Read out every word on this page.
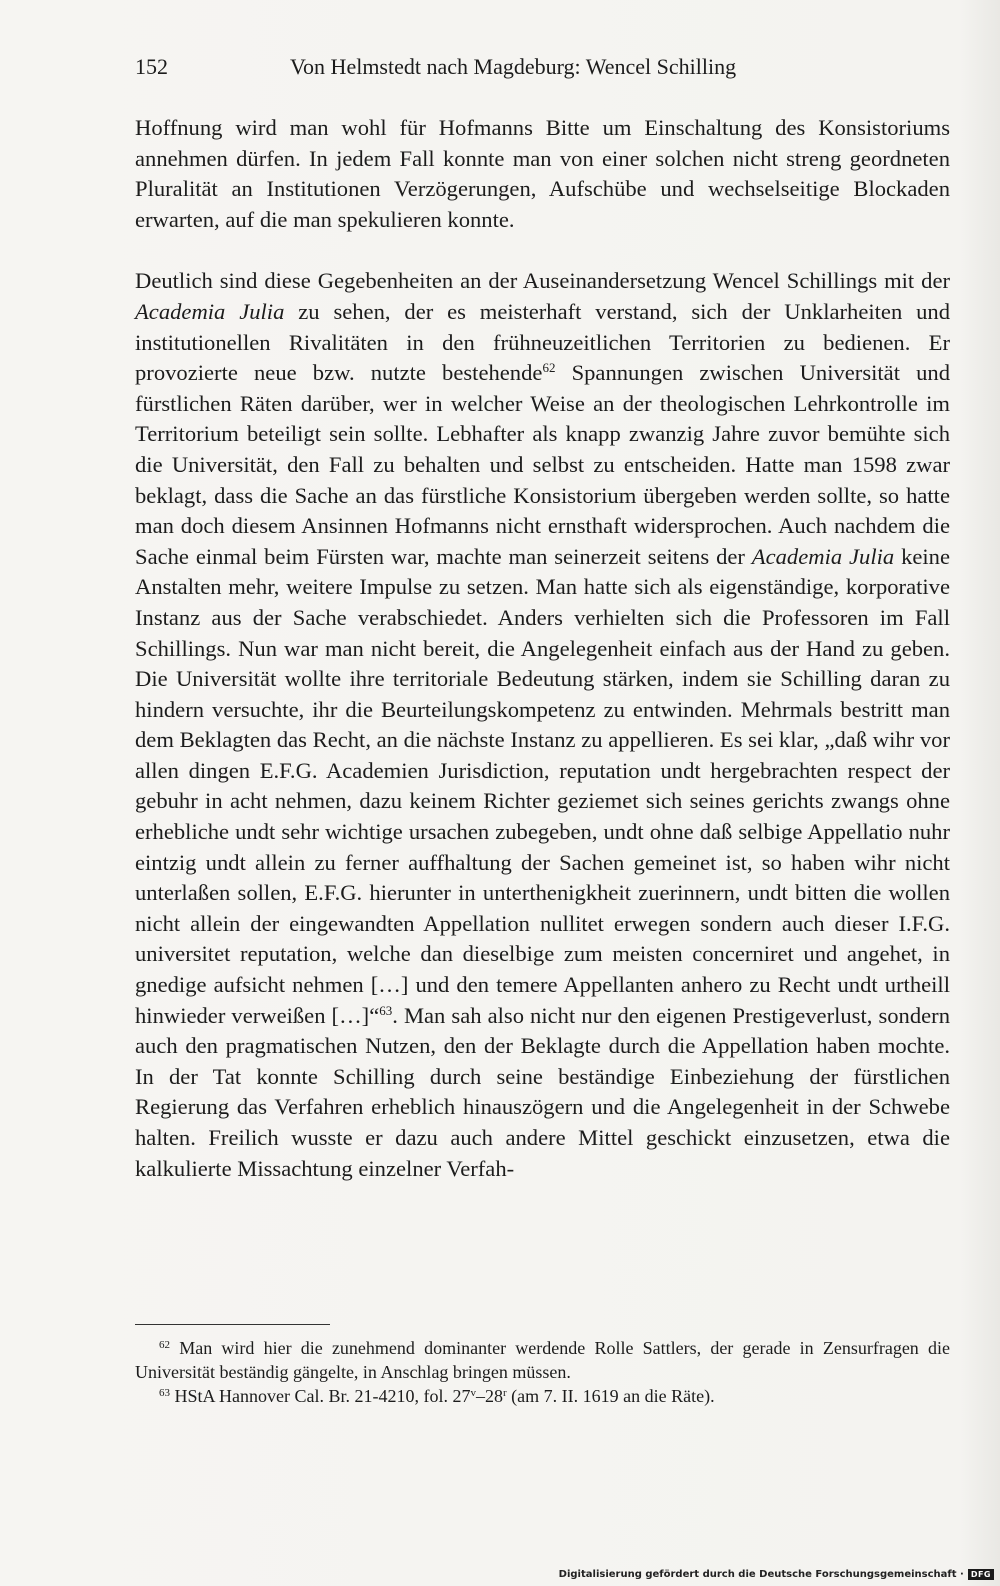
152	Von Helmstedt nach Magdeburg: Wencel Schilling

Hoffnung wird man wohl für Hofmanns Bitte um Einschaltung des Konsistoriums annehmen dürfen. In jedem Fall konnte man von einer solchen nicht streng geordneten Pluralität an Institutionen Verzögerungen, Aufschübe und wechselseitige Blockaden erwarten, auf die man spekulieren konnte.

Deutlich sind diese Gegebenheiten an der Auseinandersetzung Wencel Schillings mit der Academia Julia zu sehen, der es meisterhaft verstand, sich der Unklarheiten und institutionellen Rivalitäten in den frühneuzeitlichen Territorien zu bedienen. Er provozierte neue bzw. nutzte bestehende$^{62}$ Spannungen zwischen Universität und fürstlichen Räten darüber, wer in welcher Weise an der theologischen Lehrkontrolle im Territorium beteiligt sein sollte. Lebhafter als knapp zwanzig Jahre zuvor bemühte sich die Universität, den Fall zu behalten und selbst zu entscheiden. Hatte man 1598 zwar beklagt, dass die Sache an das fürstliche Konsistorium übergeben werden sollte, so hatte man doch diesem Ansinnen Hofmanns nicht ernsthaft widersprochen. Auch nachdem die Sache einmal beim Fürsten war, machte man seinerzeit seitens der Academia Julia keine Anstalten mehr, weitere Impulse zu setzen. Man hatte sich als eigenständige, korporative Instanz aus der Sache verabschiedet. Anders verhielten sich die Professoren im Fall Schillings. Nun war man nicht bereit, die Angelegenheit einfach aus der Hand zu geben. Die Universität wollte ihre territoriale Bedeutung stärken, indem sie Schilling daran zu hindern versuchte, ihr die Beurteilungskompetenz zu entwinden. Mehrmals bestritt man dem Beklagten das Recht, an die nächste Instanz zu appellieren. Es sei klar, „daß wihr vor allen dingen E.F.G. Academien Jurisdiction, reputation undt hergebrachten respect der gebuhr in acht nehmen, dazu keinem Richter geziemet sich seines gerichts zwangs ohne erhebliche undt sehr wichtige ursachen zubegeben, undt ohne daß selbige Appellatio nuhr eintzig undt allein zu ferner auffhaltung der Sachen gemeinet ist, so haben wihr nicht unterlaßen sollen, E.F.G. hierunter in unterthenigkheit zuerinnern, undt bitten die wollen nicht allein der eingewandten Appellation nullitet erwegen sondern auch dieser I.F.G. universitet reputation, welche dan dieselbige zum meisten concerniret und angehet, in gnedige aufsicht nehmen […] und den temere Appellanten anhero zu Recht undt urtheill hinwieder verweißen […]“$^{63}$. Man sah also nicht nur den eigenen Prestigeverlust, sondern auch den pragmatischen Nutzen, den der Beklagte durch die Appellation haben mochte. In der Tat konnte Schilling durch seine beständige Einbeziehung der fürstlichen Regierung das Verfahren erheblich hinauszögern und die Angelegenheit in der Schwebe halten. Freilich wusste er dazu auch andere Mittel geschickt einzusetzen, etwa die kalkulierte Missachtung einzelner Verfah-

$^{62}$ Man wird hier die zunehmend dominanter werdende Rolle Sattlers, der gerade in Zensurfragen die Universität beständig gängelte, in Anschlag bringen müssen.

$^{63}$ HStA Hannover Cal. Br. 21-4210, fol. 27$^v$–28$^r$ (am 7. II. 1619 an die Räte).

Digitalisierung gefördert durch die Deutsche Forschungsgemeinschaft · DFG
